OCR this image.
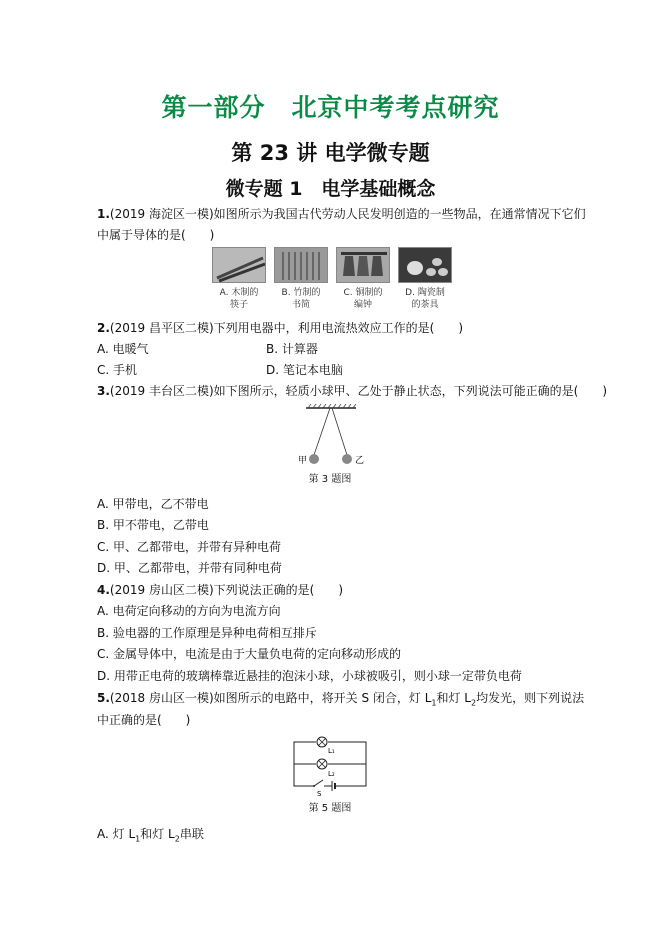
第一部分　北京中考考点研究
第 23 讲 电学微专题
微专题 1　电学基础概念
1.(2019 海淀区一模)如图所示为我国古代劳动人民发明创造的一些物品，在通常情况下它们
中属于导体的是(　　)
A. 木制的
筷子
B. 竹制的
书简
C. 铜制的
编钟
D. 陶瓷制
的茶具
2.(2019 昌平区二模)下列用电器中，利用电流热效应工作的是(　　)
A. 电暖气	B. 计算器
C. 手机	D. 笔记本电脑
3.(2019 丰台区二模)如下图所示，轻质小球甲、乙处于静止状态，下列说法可能正确的是(　　)
甲	乙
第 3 题图
A. 甲带电，乙不带电
B. 甲不带电，乙带电
C. 甲、乙都带电，并带有异种电荷
D. 甲、乙都带电，并带有同种电荷
4.(2019 房山区二模)下列说法正确的是(　　)
A. 电荷定向移动的方向为电流方向
B. 验电器的工作原理是异种电荷相互排斥
C. 金属导体中，电流是由于大量负电荷的定向移动形成的
D. 用带正电荷的玻璃棒靠近悬挂的泡沫小球，小球被吸引，则小球一定带负电荷
5.(2018 房山区一模)如图所示的电路中，将开关 S 闭合，灯 $L_1$和灯 $L_2$均发光，则下列说法
中正确的是(　　)
L₁
L₂
S
第 5 题图
A. 灯 $L_1$和灯 $L_2$串联
